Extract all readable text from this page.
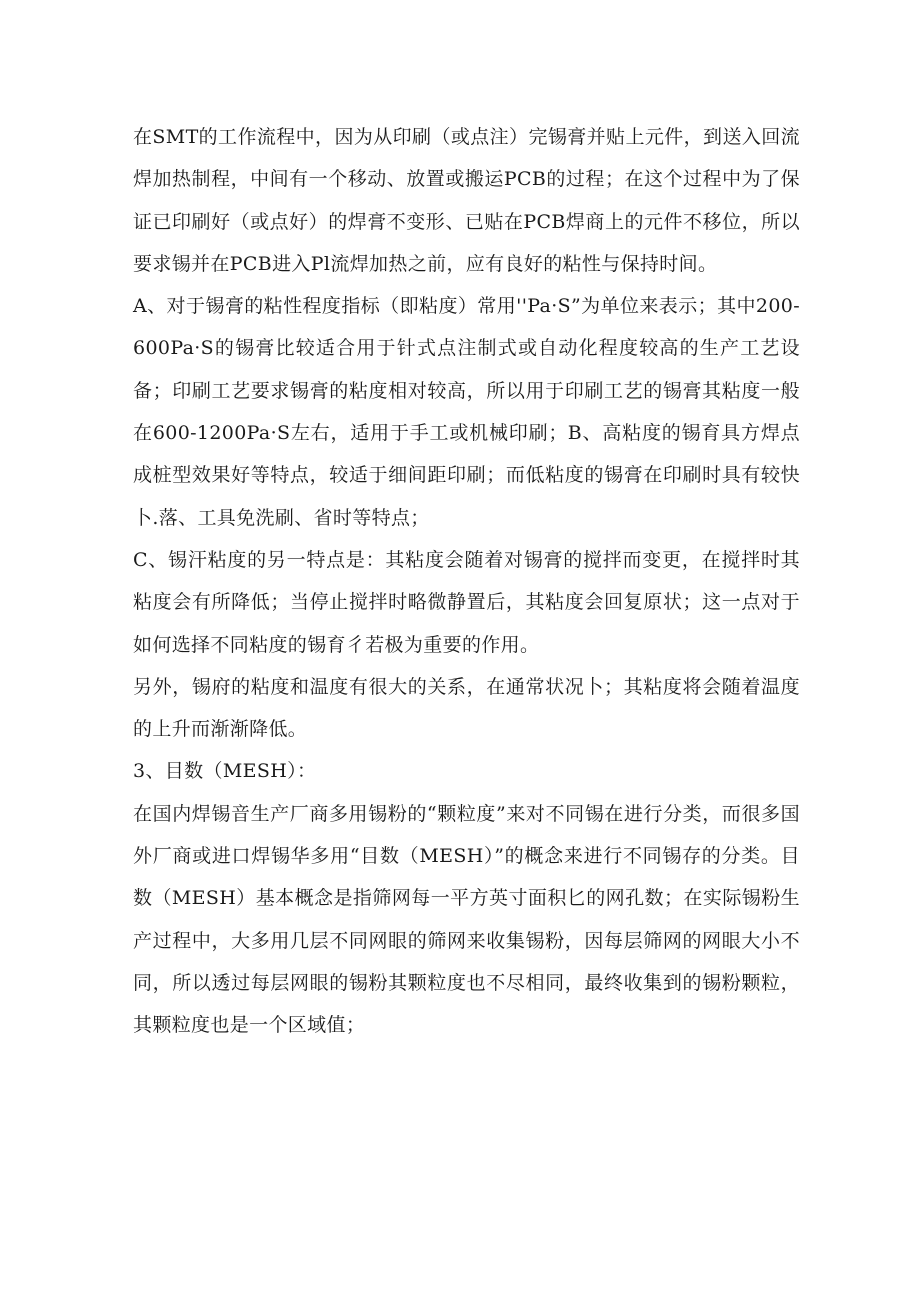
在SMT的工作流程中，因为从印刷（或点注）完锡膏并贴上元件，到送入回流焊加热制程，中间有一个移动、放置或搬运PCB的过程；在这个过程中为了保证已印刷好（或点好）的焊膏不变形、已贴在PCB焊商上的元件不移位，所以要求锡并在PCB进入Pl流焊加热之前，应有良好的粘性与保持时间。

A、对于锡膏的粘性程度指标（即粘度）常用''Pa·S”为单位来表示；其中200-600Pa·S的锡膏比较适合用于针式点注制式或自动化程度较高的生产工艺设备；印刷工艺要求锡膏的粘度相对较高，所以用于印刷工艺的锡膏其粘度一般在600-1200Pa·S左右，适用于手工或机械印刷；B、高粘度的锡育具方焊点成桩型效果好等特点，较适于细间距印刷；而低粘度的锡膏在印刷时具有较快卜.落、工具免洗刷、省时等特点；

C、锡汗粘度的另一特点是：其粘度会随着对锡膏的搅拌而变更，在搅拌时其粘度会有所降低；当停止搅拌时略微静置后，其粘度会回复原状；这一点对于如何选择不同粘度的锡育彳若极为重要的作用。

另外，锡府的粘度和温度有很大的关系，在通常状况卜；其粘度将会随着温度的上升而渐渐降低。

3、目数（MESH）：

在国内焊锡音生产厂商多用锡粉的“颗粒度”来对不同锡在进行分类，而很多国外厂商或进口焊锡华多用“目数（MESH）”的概念来进行不同锡存的分类。目数（MESH）基本概念是指筛网每一平方英寸面积匕的网孔数；在实际锡粉生产过程中，大多用几层不同网眼的筛网来收集锡粉，因每层筛网的网眼大小不同，所以透过每层网眼的锡粉其颗粒度也不尽相同，最终收集到的锡粉颗粒，其颗粒度也是一个区域值；
